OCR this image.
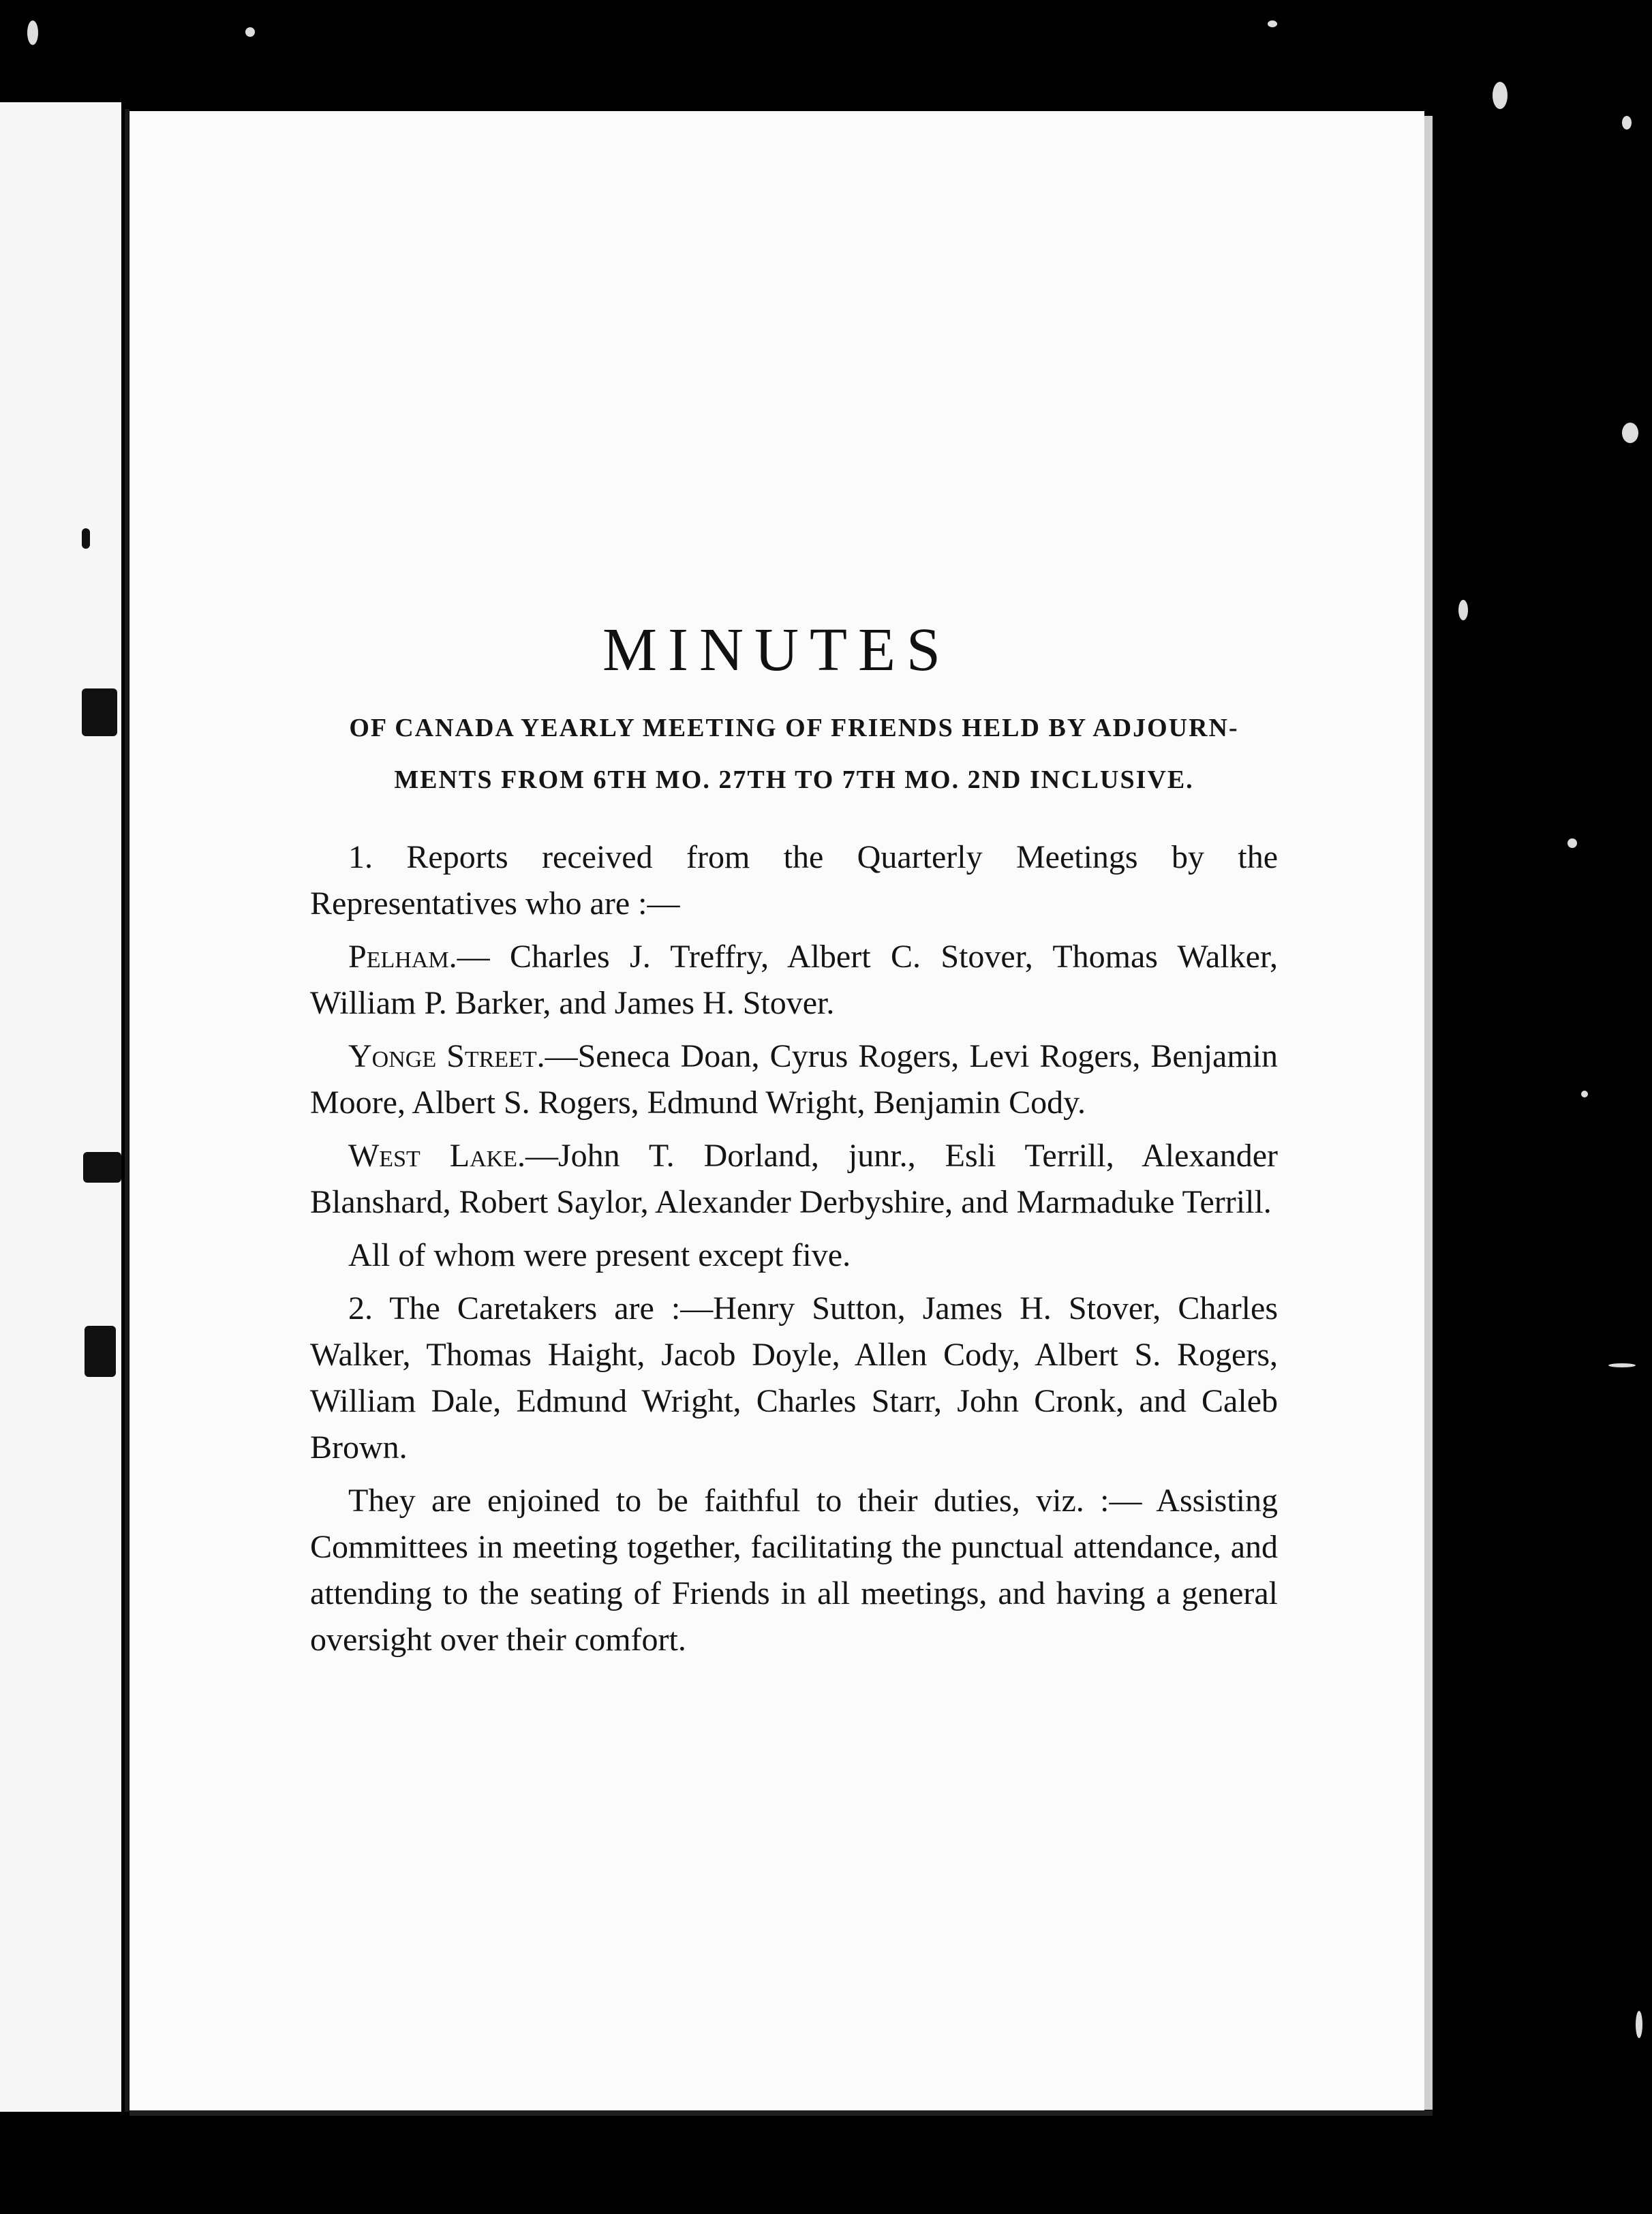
MINUTES
OF CANADA YEARLY MEETING OF FRIENDS HELD BY ADJOURN-
MENTS FROM 6TH MO. 27TH TO 7TH MO. 2ND INCLUSIVE.

1. Reports received from the Quarterly Meetings by the Representatives who are :—

Pelham.— Charles J. Treffry, Albert C. Stover, Thomas Walker, William P. Barker, and James H. Stover.

Yonge Street.—Seneca Doan, Cyrus Rogers, Levi Rogers, Benjamin Moore, Albert S. Rogers, Edmund Wright, Benjamin Cody.

West Lake.—John T. Dorland, junr., Esli Terrill, Alexander Blanshard, Robert Saylor, Alexander Derbyshire, and Marmaduke Terrill.

All of whom were present except five.

2. The Caretakers are :—Henry Sutton, James H. Stover, Charles Walker, Thomas Haight, Jacob Doyle, Allen Cody, Albert S. Rogers, William Dale, Edmund Wright, Charles Starr, John Cronk, and Caleb Brown.

They are enjoined to be faithful to their duties, viz. :— Assisting Committees in meeting together, facilitating the punctual attendance, and attending to the seating of Friends in all meetings, and having a general oversight over their comfort.
